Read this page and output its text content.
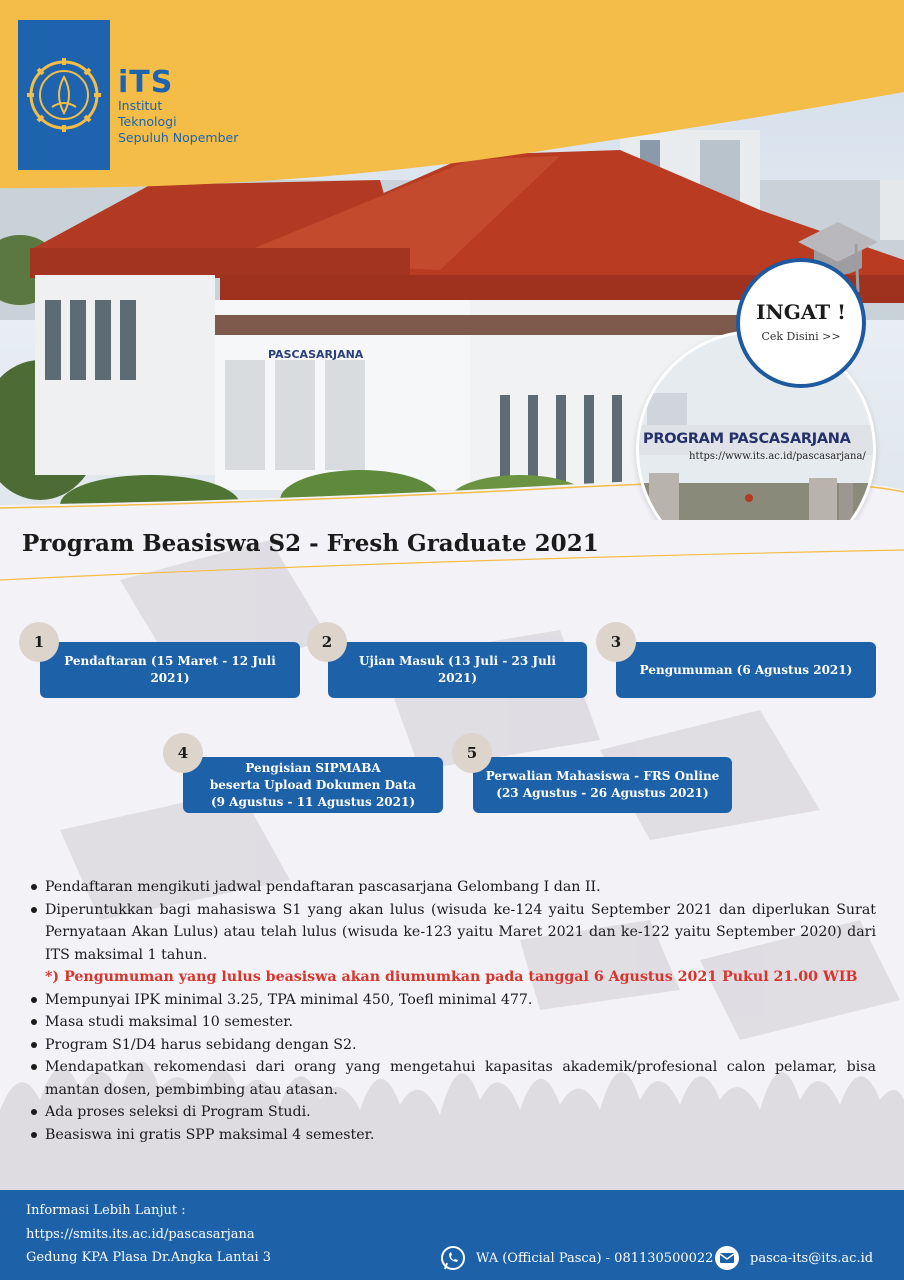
PASCASARJANA
iTS
Institut
Teknologi
Sepuluh Nopember
PROGRAM PASCASARJANA
https://www.its.ac.id/pascasarjana/
INGAT !
Cek Disini >>
Program Beasiswa S2 - Fresh Graduate 2021
Pendaftaran (15 Maret - 12 Juli 2021)
1
Ujian Masuk (13 Juli - 23 Juli 2021)
2
Pengumuman (6 Agustus 2021)
3
Pengisian SIPMABA
beserta Upload Dokumen Data
(9 Agustus - 11 Agustus 2021)
4
Perwalian Mahasiswa - FRS Online
(23 Agustus - 26 Agustus 2021)
5
Pendaftaran mengikuti jadwal pendaftaran pascasarjana Gelombang I dan II.
Diperuntukkan bagi mahasiswa S1 yang akan lulus (wisuda ke-124 yaitu September 2021 dan diperlukan Surat Pernyataan Akan Lulus) atau telah lulus (wisuda ke-123 yaitu Maret 2021 dan ke-122 yaitu September 2020) dari ITS maksimal 1 tahun.
*) Pengumuman yang lulus beasiswa akan diumumkan pada tanggal 6 Agustus 2021 Pukul 21.00 WIB
Mempunyai IPK minimal 3.25, TPA minimal 450, Toefl minimal 477.
Masa studi maksimal 10 semester.
Program S1/D4 harus sebidang dengan S2.
Mendapatkan rekomendasi dari orang yang mengetahui kapasitas akademik/profesional calon pelamar, bisa mantan dosen, pembimbing atau atasan.
Ada proses seleksi di Program Studi.
Beasiswa ini gratis SPP maksimal 4 semester.
Informasi Lebih Lanjut :
https://smits.its.ac.id/pascasarjana
Gedung KPA Plasa Dr.Angka Lantai 3	WA (Official Pasca) - 081130500022	pasca-its@its.ac.id
